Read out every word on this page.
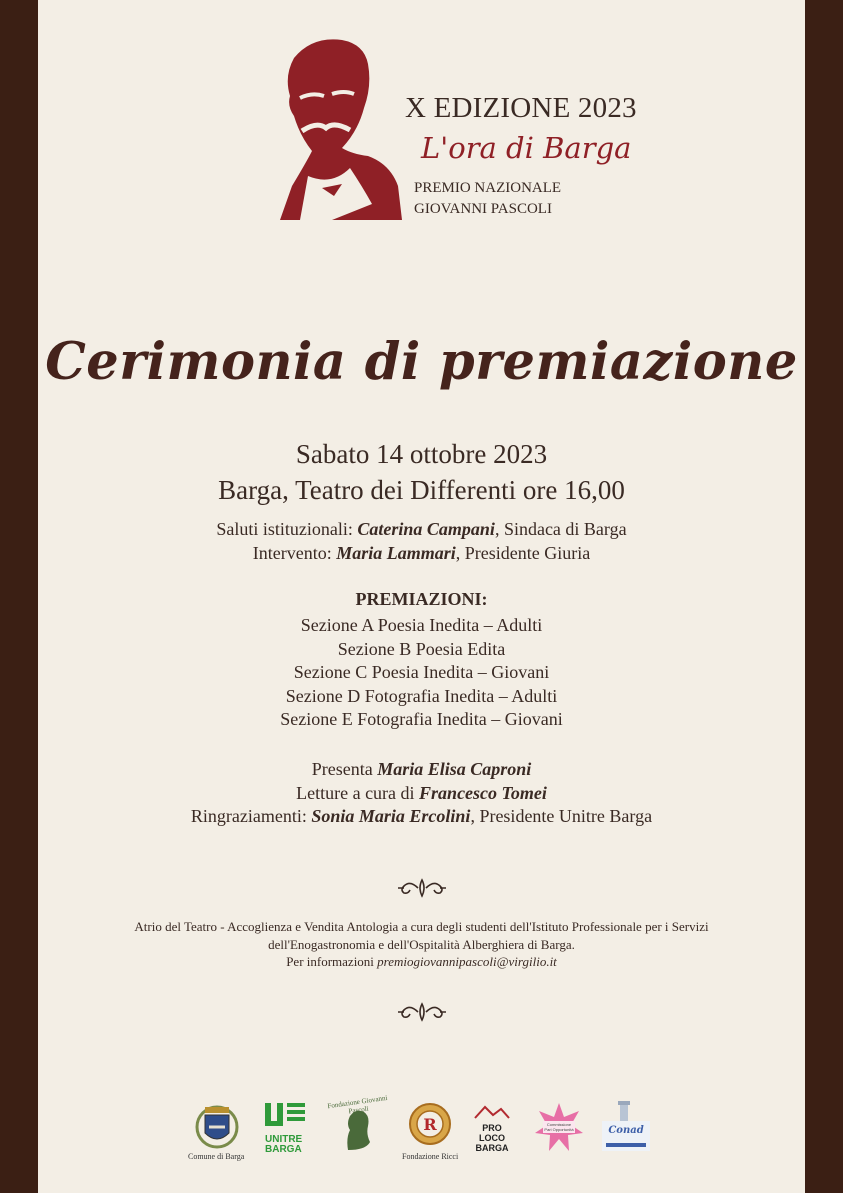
X EDIZIONE 2023
L'ora di Barga
PREMIO NAZIONALE
GIOVANNI PASCOLI
Cerimonia di premiazione
Sabato 14 ottobre 2023
Barga, Teatro dei Differenti ore 16,00
Saluti istituzionali: Caterina Campani, Sindaca di Barga
Intervento: Maria Lammari, Presidente Giuria
PREMIAZIONI:
Sezione A Poesia Inedita – Adulti
Sezione B Poesia Edita
Sezione C Poesia Inedita – Giovani
Sezione D Fotografia Inedita – Adulti
Sezione E Fotografia Inedita – Giovani
Presenta Maria Elisa Caproni
Letture a cura di Francesco Tomei
Ringraziamenti: Sonia Maria Ercolini, Presidente Unitre Barga
Atrio del Teatro - Accoglienza e Vendita Antologia a cura degli studenti dell'Istituto Professionale per i Servizi
dell'Enogastronomia e dell'Ospitalità Alberghiera di Barga.
Per informazioni premiogiovannipascoli@virgilio.it
Comune di Barga
UNITRE
BARGA
Fondazione Giovanni Pascoli
R
Fondazione Ricci
PRO
LOCO
BARGA
Commissione Pari Opportunità	Conad
